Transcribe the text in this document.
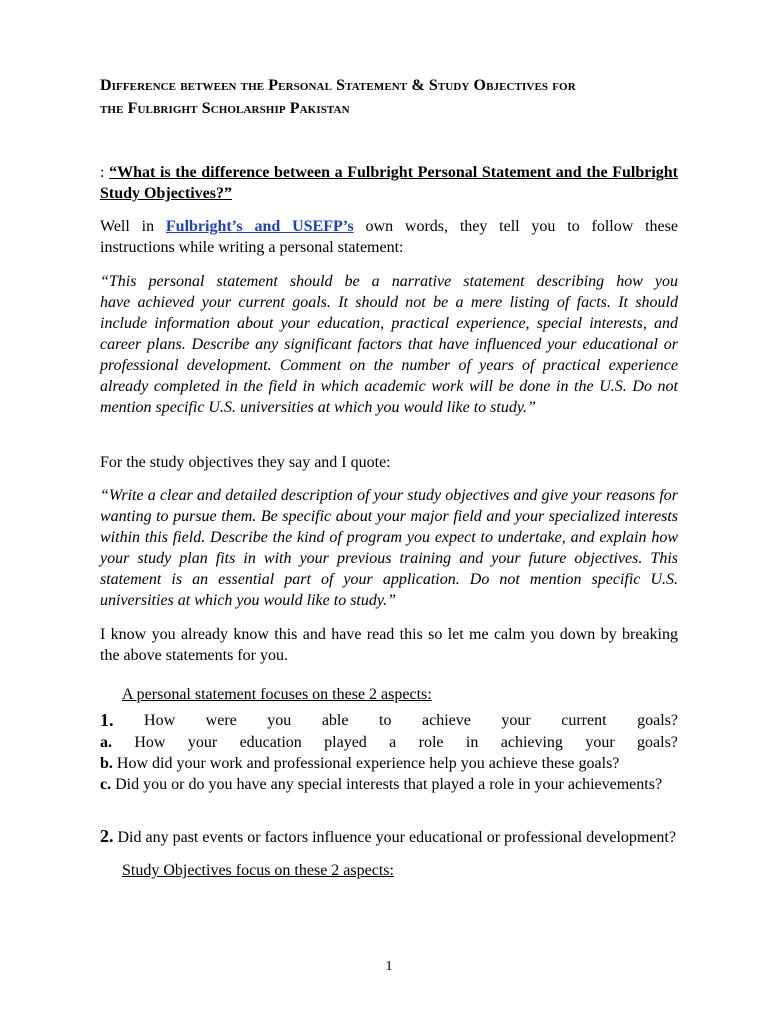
Difference between the Personal Statement & Study Objectives for
the Fulbright Scholarship Pakistan
: “What is the difference between a Fulbright Personal Statement and the Fulbright Study Objectives?”
Well in Fulbright’s and USEFP’s own words, they tell you to follow these
instructions while writing a personal statement:
“This personal statement should be a narrative statement describing how you
have achieved your current goals. It should not be a mere listing of facts. It should include information about your education, practical experience, special interests, and career plans. Describe any significant factors that have influenced your educational or professional development. Comment on the number of years of practical experience already completed in the field in which academic work will be done in the U.S. Do not mention specific U.S. universities at which you would like to study.”

For the study objectives they say and I quote:

“Write a clear and detailed description of your study objectives and give your reasons for wanting to pursue them. Be specific about your major field and your specialized interests within this field. Describe the kind of program you expect to undertake, and explain how your study plan fits in with your previous training and your future objectives. This statement is an essential part of your application. Do not mention specific U.S. universities at which you would like to study.”

I know you already know this and have read this so let me calm you down by breaking the above statements for you.

A personal statement focuses on these 2 aspects:
1. How were you able to achieve your current goals?
a. How your education played a role in achieving your goals?
b. How did your work and professional experience help you achieve these goals?
c. Did you or do you have any special interests that played a role in your achievements?
2. Did any past events or factors influence your educational or professional development?
Study Objectives focus on these 2 aspects:
1
